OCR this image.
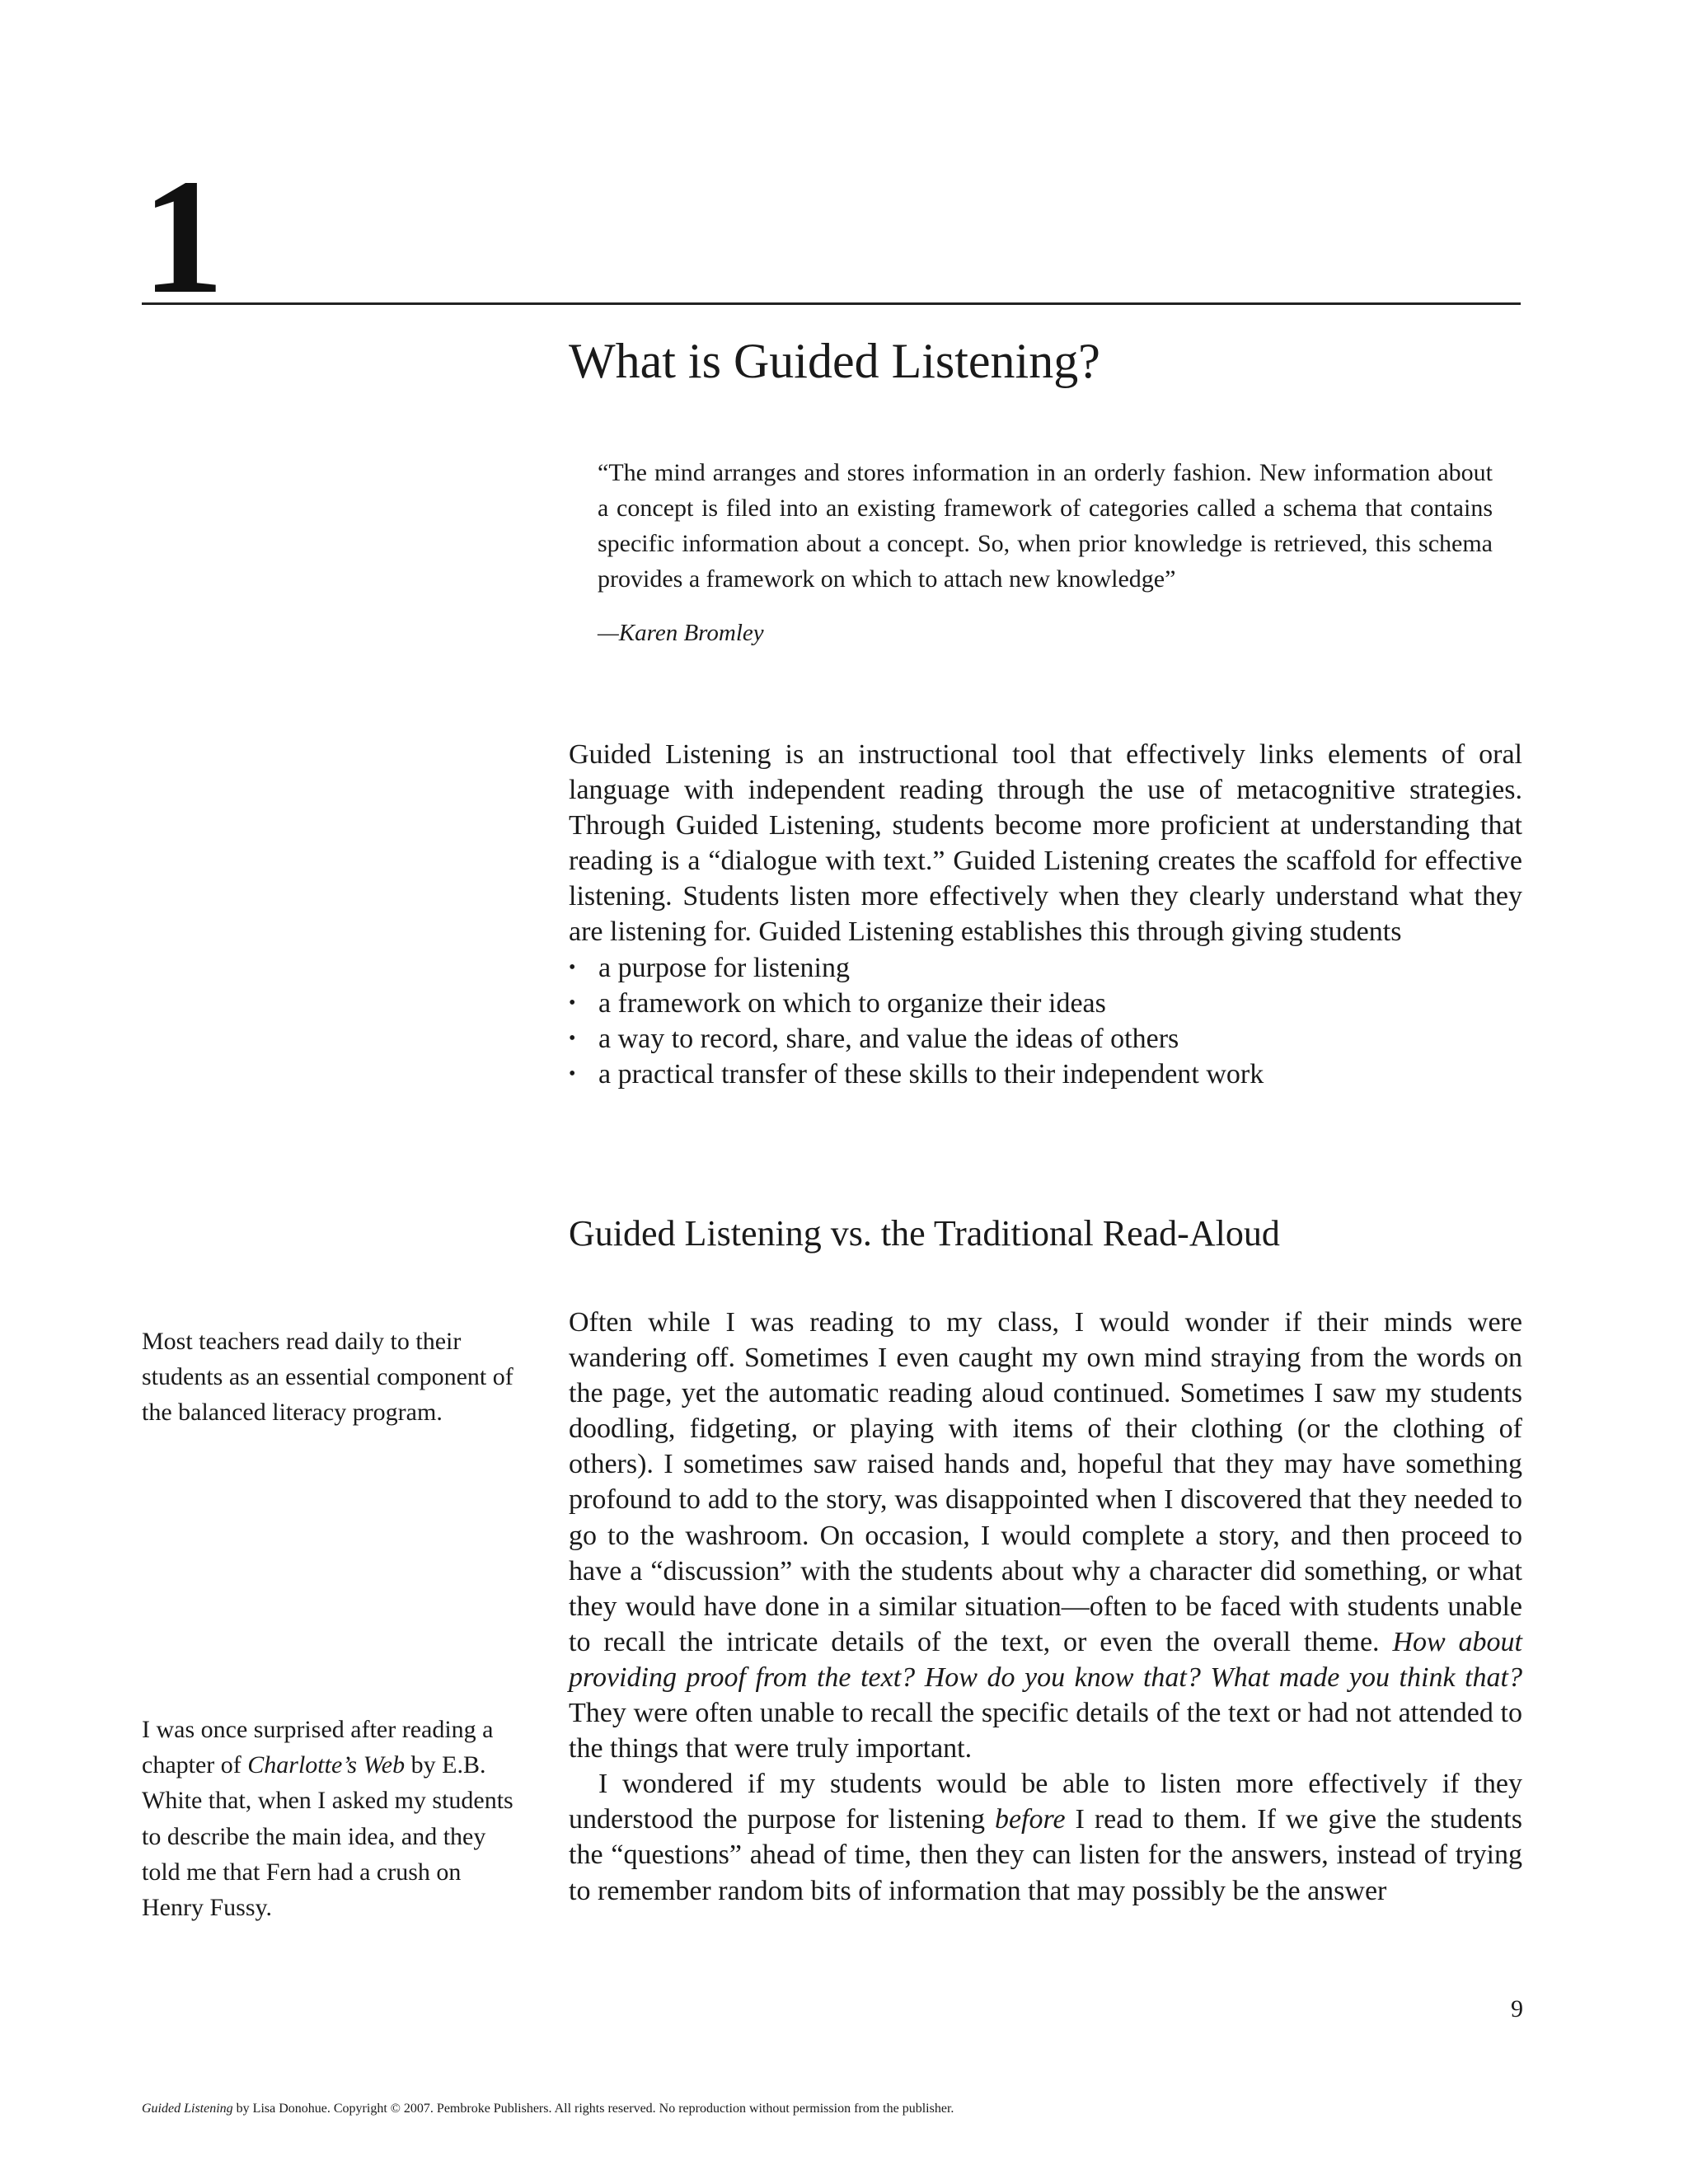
1
What is Guided Listening?
“The mind arranges and stores information in an orderly fashion. New information about a concept is filed into an existing framework of categories called a schema that contains specific information about a concept. So, when prior knowledge is retrieved, this schema provides a framework on which to attach new knowledge”
—Karen Bromley

Guided Listening is an instructional tool that effectively links elements of oral language with independent reading through the use of metacognitive strategies. Through Guided Listening, students become more proficient at understanding that reading is a “dialogue with text.” Guided Listening creates the scaffold for effective listening. Students listen more effectively when they clearly understand what they are listening for. Guided Listening establishes this through giving students

• a purpose for listening
• a framework on which to organize their ideas
• a way to record, share, and value the ideas of others
• a practical transfer of these skills to their independent work
Guided Listening vs. the Traditional Read-Aloud

Often while I was reading to my class, I would wonder if their minds were wandering off. Sometimes I even caught my own mind straying from the words on the page, yet the automatic reading aloud continued. Sometimes I saw my students doodling, fidgeting, or playing with items of their clothing (or the clothing of others). I sometimes saw raised hands and, hopeful that they may have something profound to add to the story, was disappointed when I discovered that they needed to go to the washroom. On occasion, I would complete a story, and then proceed to have a “discussion” with the students about why a character did something, or what they would have done in a similar situation—often to be faced with students unable to recall the intricate details of the text, or even the overall theme. How about providing proof from the text? How do you know that? What made you think that? They were often unable to recall the specific details of the text or had not attended to the things that were truly important.

I wondered if my students would be able to listen more effectively if they understood the purpose for listening before I read to them. If we give the students the “questions” ahead of time, then they can listen for the answers, instead of trying to remember random bits of information that may possibly be the answer

Most teachers read daily to their students as an essential component of the balanced literacy program.
I was once surprised after reading a chapter of Charlotte’s Web by E.B. White that, when I asked my students to describe the main idea, and they told me that Fern had a crush on Henry Fussy.
9
Guided Listening by Lisa Donohue. Copyright © 2007. Pembroke Publishers. All rights reserved. No reproduction without permission from the publisher.
